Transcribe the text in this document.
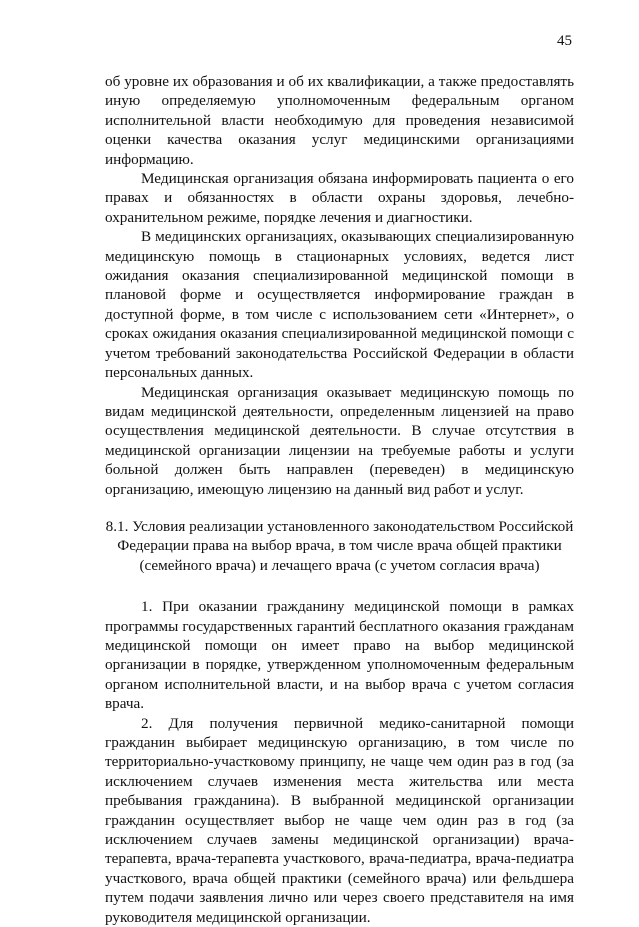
45

об уровне их образования и об их квалификации, а также предоставлять иную определяемую уполномоченным федеральным органом исполнительной власти необходимую для проведения независимой оценки качества оказания услуг медицинскими организациями информацию.

Медицинская организация обязана информировать пациента о его правах и обязанностях в области охраны здоровья, лечебно-охранительном режиме, порядке лечения и диагностики.

В медицинских организациях, оказывающих специализированную медицинскую помощь в стационарных условиях, ведется лист ожидания оказания специализированной медицинской помощи в плановой форме и осуществляется информирование граждан в доступной форме, в том числе с использованием сети «Интернет», о сроках ожидания оказания специализированной медицинской помощи с учетом требований законодательства Российской Федерации в области персональных данных.

Медицинская организация оказывает медицинскую помощь по видам медицинской деятельности, определенным лицензией на право осуществления медицинской деятельности. В случае отсутствия в медицинской организации лицензии на требуемые работы и услуги больной должен быть направлен (переведен) в медицинскую организацию, имеющую лицензию на данный вид работ и услуг.

8.1. Условия реализации установленного законодательством Российской
Федерации права на выбор врача, в том числе врача общей практики
(семейного врача) и лечащего врача (с учетом согласия врача)

1. При оказании гражданину медицинской помощи в рамках программы государственных гарантий бесплатного оказания гражданам медицинской помощи он имеет право на выбор медицинской организации в порядке, утвержденном уполномоченным федеральным органом исполнительной власти, и на выбор врача с учетом согласия врача.

2. Для получения первичной медико-санитарной помощи гражданин выбирает медицинскую организацию, в том числе по территориально-участковому принципу, не чаще чем один раз в год (за исключением случаев изменения места жительства или места пребывания гражданина). В выбранной медицинской организации гражданин осуществляет выбор не чаще чем один раз в год (за исключением случаев замены медицинской организации) врача-терапевта, врача-терапевта участкового, врача-педиатра, врача-педиатра участкового, врача общей практики (семейного врача) или фельдшера путем подачи заявления лично или через своего представителя на имя руководителя медицинской организации.
